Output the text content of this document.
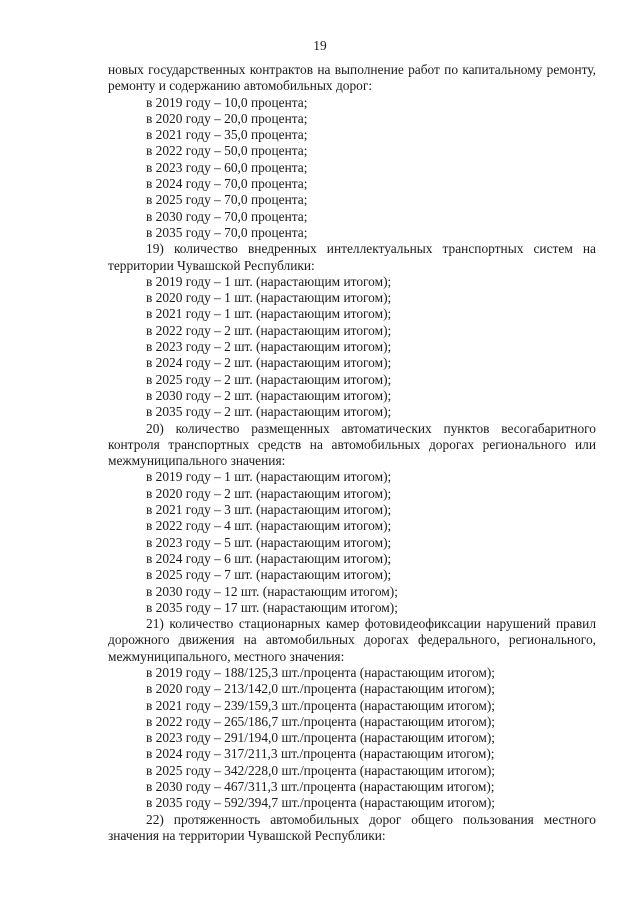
19

новых государственных контрактов на выполнение работ по капитальному ремонту, ремонту и содержанию автомобильных дорог:

в 2019 году – 10,0 процента;

в 2020 году – 20,0 процента;

в 2021 году – 35,0 процента;

в 2022 году – 50,0 процента;

в 2023 году – 60,0 процента;

в 2024 году – 70,0 процента;

в 2025 году – 70,0 процента;

в 2030 году – 70,0 процента;

в 2035 году – 70,0 процента;

19) количество внедренных интеллектуальных транспортных систем на территории Чувашской Республики:

в 2019 году – 1 шт. (нарастающим итогом);

в 2020 году – 1 шт. (нарастающим итогом);

в 2021 году – 1 шт. (нарастающим итогом);

в 2022 году – 2 шт. (нарастающим итогом);

в 2023 году – 2 шт. (нарастающим итогом);

в 2024 году – 2 шт. (нарастающим итогом);

в 2025 году – 2 шт. (нарастающим итогом);

в 2030 году – 2 шт. (нарастающим итогом);

в 2035 году – 2 шт. (нарастающим итогом);

20) количество размещенных автоматических пунктов весогабаритного контроля транспортных средств на автомобильных дорогах регионального или межмуниципального значения:

в 2019 году – 1 шт. (нарастающим итогом);

в 2020 году – 2 шт. (нарастающим итогом);

в 2021 году – 3 шт. (нарастающим итогом);

в 2022 году – 4 шт. (нарастающим итогом);

в 2023 году – 5 шт. (нарастающим итогом);

в 2024 году – 6 шт. (нарастающим итогом);

в 2025 году – 7 шт. (нарастающим итогом);

в 2030 году – 12 шт. (нарастающим итогом);

в 2035 году – 17 шт. (нарастающим итогом);

21) количество стационарных камер фотовидеофиксации нарушений правил дорожного движения на автомобильных дорогах федерального, регионального, межмуниципального, местного значения:

в 2019 году – 188/125,3 шт./процента (нарастающим итогом);

в 2020 году – 213/142,0 шт./процента (нарастающим итогом);

в 2021 году – 239/159,3 шт./процента (нарастающим итогом);

в 2022 году – 265/186,7 шт./процента (нарастающим итогом);

в 2023 году – 291/194,0 шт./процента (нарастающим итогом);

в 2024 году – 317/211,3 шт./процента (нарастающим итогом);

в 2025 году – 342/228,0 шт./процента (нарастающим итогом);

в 2030 году – 467/311,3 шт./процента (нарастающим итогом);

в 2035 году – 592/394,7 шт./процента (нарастающим итогом);

22) протяженность автомобильных дорог общего пользования местного значения на территории Чувашской Республики:
